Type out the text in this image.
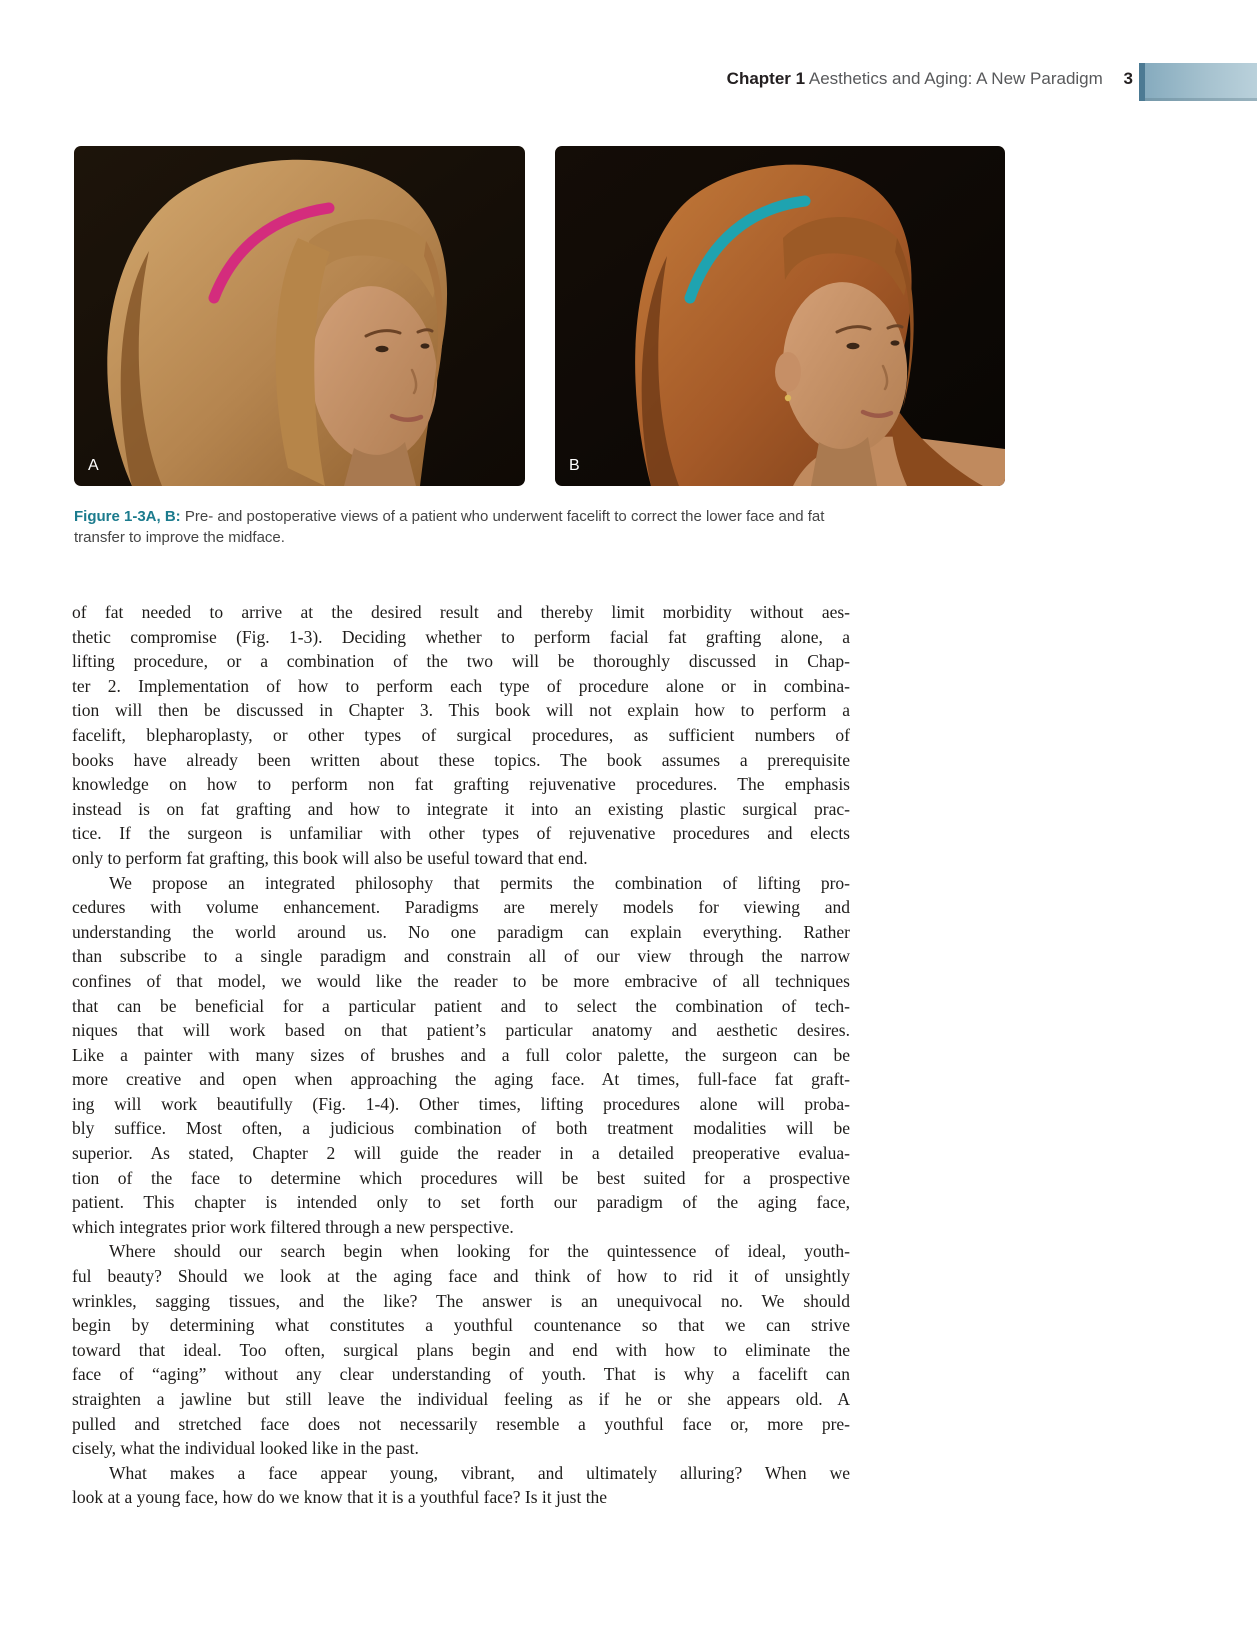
Chapter 1 Aesthetics and Aging: A New Paradigm 3
A	B
Figure 1-3A, B: Pre- and postoperative views of a patient who underwent facelift to correct the lower face and fat transfer to improve the midface.
of fat needed to arrive at the desired result and thereby limit morbidity without aes-
thetic compromise (Fig. 1-3). Deciding whether to perform facial fat grafting alone, a
lifting procedure, or a combination of the two will be thoroughly discussed in Chap-
ter 2. Implementation of how to perform each type of procedure alone or in combina-
tion will then be discussed in Chapter 3. This book will not explain how to perform a
facelift, blepharoplasty, or other types of surgical procedures, as sufficient numbers of
books have already been written about these topics. The book assumes a prerequisite
knowledge on how to perform non fat grafting rejuvenative procedures. The emphasis
instead is on fat grafting and how to integrate it into an existing plastic surgical prac-
tice. If the surgeon is unfamiliar with other types of rejuvenative procedures and elects
only to perform fat grafting, this book will also be useful toward that end.
We propose an integrated philosophy that permits the combination of lifting pro-
cedures with volume enhancement. Paradigms are merely models for viewing and
understanding the world around us. No one paradigm can explain everything. Rather
than subscribe to a single paradigm and constrain all of our view through the narrow
confines of that model, we would like the reader to be more embracive of all techniques
that can be beneficial for a particular patient and to select the combination of tech-
niques that will work based on that patient’s particular anatomy and aesthetic desires.
Like a painter with many sizes of brushes and a full color palette, the surgeon can be
more creative and open when approaching the aging face. At times, full-face fat graft-
ing will work beautifully (Fig. 1-4). Other times, lifting procedures alone will proba-
bly suffice. Most often, a judicious combination of both treatment modalities will be
superior. As stated, Chapter 2 will guide the reader in a detailed preoperative evalua-
tion of the face to determine which procedures will be best suited for a prospective
patient. This chapter is intended only to set forth our paradigm of the aging face,
which integrates prior work filtered through a new perspective.
Where should our search begin when looking for the quintessence of ideal, youth-
ful beauty? Should we look at the aging face and think of how to rid it of unsightly
wrinkles, sagging tissues, and the like? The answer is an unequivocal no. We should
begin by determining what constitutes a youthful countenance so that we can strive
toward that ideal. Too often, surgical plans begin and end with how to eliminate the
face of “aging” without any clear understanding of youth. That is why a facelift can
straighten a jawline but still leave the individual feeling as if he or she appears old. A
pulled and stretched face does not necessarily resemble a youthful face or, more pre-
cisely, what the individual looked like in the past.
What makes a face appear young, vibrant, and ultimately alluring? When we
look at a young face, how do we know that it is a youthful face? Is it just the
